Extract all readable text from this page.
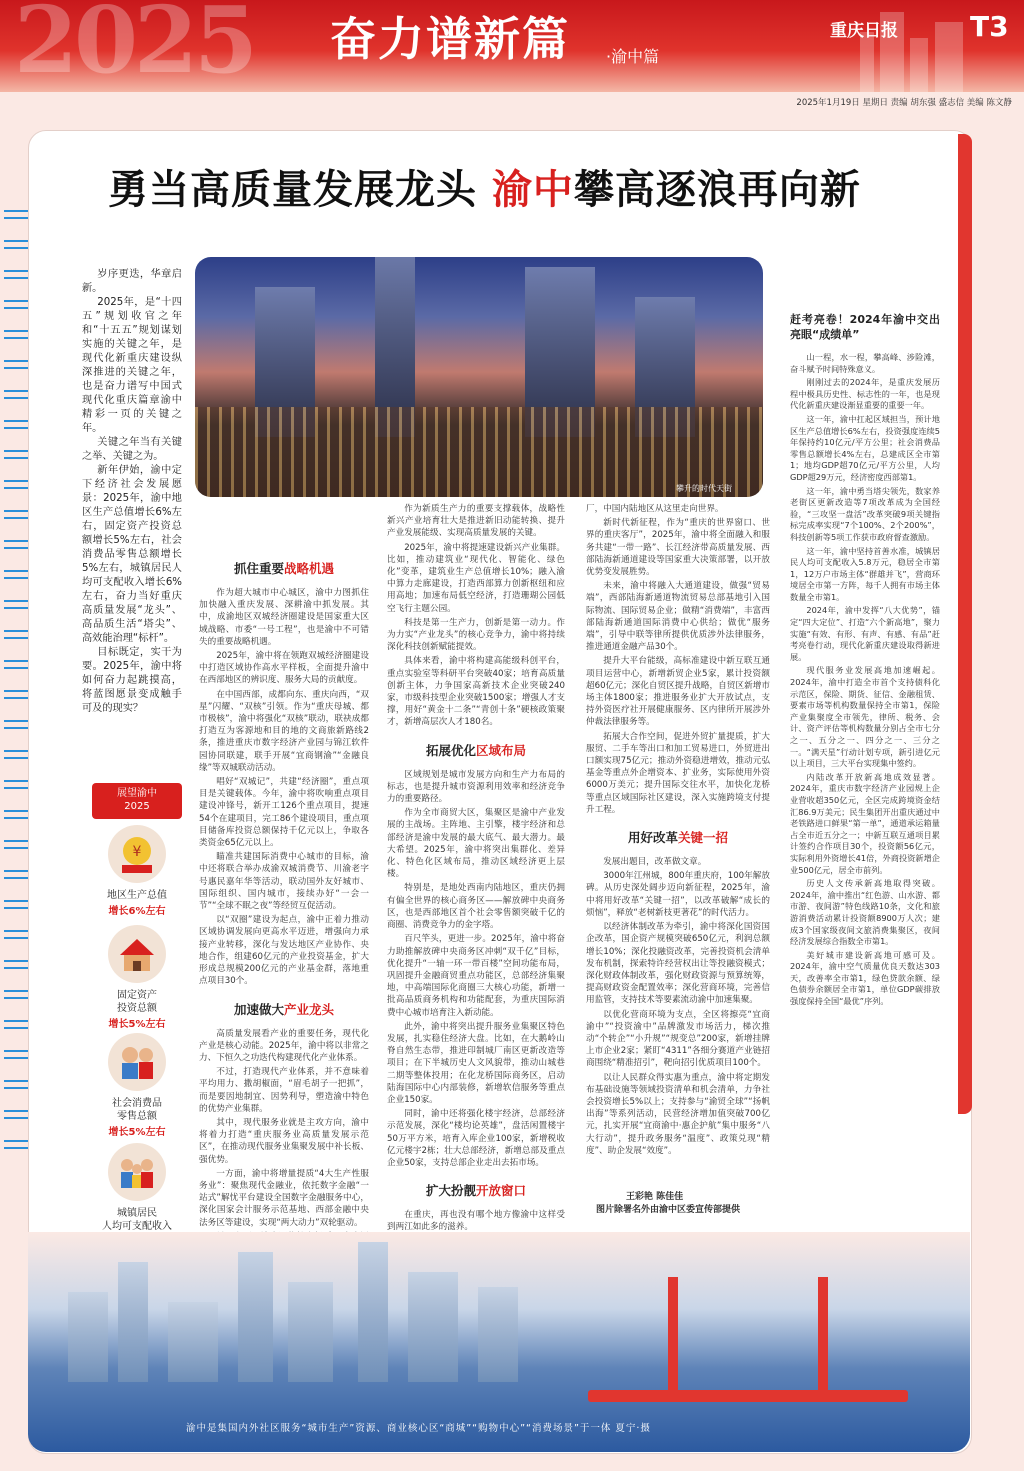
2025 奋力谱新篇 ·渝中篇
重庆日报	T3
2025年1月19日 星期日 责编 胡东强 盛志信 美编 陈文静
勇当高质量发展龙头 渝中攀高逐浪再向新
攀升的时代天街

岁序更迭，华章启新。

2025年，是“十四五”规划收官之年和“十五五”规划谋划实施的关键之年，是现代化新重庆建设纵深推进的关键之年，也是奋力谱写中国式现代化重庆篇章渝中精彩一页的关键之年。

关键之年当有关键之举、关键之为。

新年伊始，渝中定下经济社会发展愿景：2025年，渝中地区生产总值增长6%左右，固定资产投资总额增长5%左右，社会消费品零售总额增长5%左右，城镇居民人均可支配收入增长6%左右，奋力当好重庆高质量发展“龙头”、高品质生活“塔尖”、高效能治理“标杆”。

目标既定，实干为要。2025年，渝中将如何奋力起跳摸高，将蓝图愿景变成触手可及的现实？

展望渝中
2025
¥
地区生产总值
增长6%左右
固定资产
投资总额
增长5%左右
社会消费品
零售总额
增长5%左右
城镇居民
人均可支配收入
抓住重要战略机遇

作为超大城市中心城区，渝中力图抓住加快融入重庆发展、深耕渝中抓发展。其中，成渝地区双城经济圈建设是国家重大区域战略、市委“一号工程”，也是渝中不可错失的重要战略机遇。

2025年，渝中将在领跑双城经济圈建设中打造区域协作高水平样板，全面提升渝中在西部地区的辨识度、服务大局的贡献度。

在中国西部，成都向东、重庆向西，“双星”闪耀、“双核”引领。作为“重庆母城、都市极核”，渝中将强化“双核”联动，联袂成都打造互为客源地和目的地的文商旅新路线2条，推进重庆市数字经济产业园与锦江软件园协同联建，联手开展“宜商钢渝”“金融良缘”等双城联动活动。

唱好“双城记”，共建“经济圈”，重点项目是关键载体。今年，渝中将吹响重点项目建设冲锋号，新开工126个重点项目，提速54个在建项目，完工86个建设项目，重点项目储备库投资总额保持千亿元以上，争取各类资金65亿元以上。

瞄准共建国际消费中心城市的目标，渝中还将联合举办成渝双城消费节、川渝老字号惠民嘉年华等活动，联动国外友好城市、国际组织、国内城市，接续办好“一会一节”“全球不眠之夜”等经贸互促活动。

以“双圈”建设为起点，渝中正着力推动区域协调发展向更高水平迈进，增强向力承接产业转移，深化与发达地区产业协作、央地合作，组建60亿元的产业投资基金，扩大形成总规模200亿元的产业基金群，落地重点项目30个。

加速做大产业龙头

高质量发展看产业的重要任务，现代化产业是核心动能。2025年，渝中将以非常之力、下恒久之功迭代构建现代化产业体系。

不过，打造现代产业体系，并不意味着平均用力、撒胡椒面，“眉毛胡子一把抓”，而是要因地制宜、因势利导，塑造渝中特色的优势产业集群。

其中，现代服务业就是主攻方向，渝中将着力打造“重庆服务业高质量发展示范区”，在推动现代服务业集聚发展中补长板、强优势。

一方面，渝中将增量提质“4大生产性服务业”：聚焦现代金融业，依托数字金融“一站式”解忧平台建设全国数字金融服务中心，深化国家会计服务示范基地、西部金融中央法务区等建设，实现“两大动力”双轮驱动。

作为新质生产力的重要支撑载体，战略性新兴产业培育壮大是推进新旧动能转换、提升产业发展能级、实现高质量发展的关键。

2025年，渝中将提速建设新兴产业集群。比如，推动建筑业“现代化、智能化、绿色化”变革，建筑业生产总值增长10%；融入渝中算力走廊建设，打造西部算力创新枢纽和应用高地；加速布局低空经济，打造珊瑚公园低空飞行主题公园。

科技是第一生产力，创新是第一动力。作为力实“产业龙头”的核心竞争力，渝中将持续深化科技创新赋能提效。

具体来看，渝中将构建高能级科创平台，重点实验室等科研平台突破40家；培育高质量创新主体，力争国家高新技术企业突破240家，市级科技型企业突破1500家；增强人才支撑，用好“黄金十二条”“青创十条”硬核政策聚才，新增高层次人才180名。

拓展优化区域布局

区域规划是城市发展方向和生产力布局的标志，也是提升城市资源利用效率和经济竞争力的重要路径。

作为全市商贸大区，集聚区是渝中产业发展的主战场。主阵地、主引擎，楼宇经济和总部经济是渝中发展的最大底气、最大潜力。最大希望。2025年，渝中将突出集群化、差异化、特色化区域布局，推动区域经济更上层楼。

特别是，是地处西南内陆地区，重庆仍拥有偏全世界的核心商务区——解放碑中央商务区，也是西部地区首个社会零售额突破千亿的商圈、消费竞争力的金字塔。

百尺竿头，更进一步。2025年，渝中将奋力助推解放碑中央商务区冲刺“双千亿”目标，优化提升“一轴一环一带百楼”空间功能布局，巩固提升金融商贸重点功能区，总部经济集聚地，中高端国际化商圈三大核心功能，新增一批高品质商务机构和功能配套，为重庆国际消费中心城市培育注入新动能。

此外，渝中将突出提升服务业集聚区特色发展，扎实稳住经济大盘。比如，在大鹅岭山脊自然生态带，推进印制城厂南区更新改造等项目；在下半城历史人文风貌带，推动山城巷二期等整体投用；在化龙桥国际商务区，启动陆海国际中心内部装修，新增软信服务等重点企业150家。

同时，渝中还将强化楼宇经济，总部经济示范发展，深化“楼均论英雄”，盘活闲置楼宇50万平方米，培育入库企业100家，新增税收亿元楼宇2栋；壮大总部经济，新增总部及重点企业50家，支持总部企业走出去拓市场。

扩大扮靓开放窗口

在重庆，再也没有哪个地方像渝中这样受到两江如此多的滋养。

厂，中国内陆地区从这里走向世界。

新时代新征程，作为“重庆的世界窗口、世界的重庆客厅”，2025年，渝中将全面融入和服务共建“一带一路”、长江经济带高质量发展、西部陆海新通道建设等国家重大决策部署，以开放优势变发展胜势。

未来，渝中将融入大通道建设，做强“贸易端”，西部陆海新通道物流贸易总部基地引入国际物流、国际贸易企业；做精“消费端”，丰富西部陆海新通道国际消费中心供给；做优“服务端”，引导中联等律所提供优质涉外法律服务，推进通道金融产品30个。

提升大平台能级，高标准建设中新互联互通项目运营中心，新增新贸企业5家，累计投资额超60亿元；深化自贸区提升战略，自贸区新增市场主体1800家；推进服务业扩大开放试点，支持外资医疗社开展健康服务、区内律所开展涉外仲裁法律服务等。

拓展大合作空间，促进外贸扩量提质，扩大服贸、二手车等出口和加工贸易进口，外贸进出口额实现75亿元；推动外资稳进增效，推动元弘基金等重点外企增资本、扩业务，实际使用外资6000万美元；提升国际交往水平，加快化龙桥等重点区域国际社区建设，深入实施跨境支付提升工程。

用好改革关键一招

发展出题目，改革做文章。

3000年江州城，800年重庆府，100年解放碑。从历史深处阔步迈向新征程，2025年，渝中将用好改革“关键一招”，以改革破解“成长的烦恼”，释放“老树新枝更著花”的时代活力。

以经济体制改革为牵引，渝中将深化国资国企改革，国企资产规模突破650亿元，利润总额增长10%；深化投融资改革，完善投资机会清单发布机制，探索特许经营权出让等投融资模式；深化财政体制改革，强化财政资源与预算统筹，提高财政资金配置效率；深化营商环境，完善信用监管，支持技术等要素流动渝中加速集聚。

以优化营商环境为支点，全区将擦亮“宜商渝中”“投资渝中”品牌激发市场活力，梯次推动“个转企”“小升规”“规变总”200家，新增挂牌上市企业2家；紧盯“4311”各细分赛道产业链招商围绕“精准招引”，靶向招引优质项目100个。

以让人民群众得实惠为重点，渝中将定期发布基础设施等领域投资清单和机会清单，力争社会投资增长5%以上；支持参与“渝贸全球”“扬帆出海”等系列活动，民营经济增加值突破700亿元，扎实开展“宜商渝中·惠企护航”集中服务“八大行动”，提升政务服务“温度”、政策兑现“精度”、助企发展“效度”。

王彩艳 陈佳佳
图片除署名外由渝中区委宣传部提供
赶考亮卷！2024年渝中交出亮眼“成绩单”

山一程，水一程，攀高峰、涉险滩，奋斗赋予时间特殊意义。

刚刚过去的2024年，是重庆发展历程中极具历史性、标志性的一年，也是现代化新重庆建设渐显重要的重要一年。

这一年，渝中扛起区域担当，预计地区生产总值增长6%左右，投资强度连续5年保持约10亿元/平方公里；社会消费品零售总额增长4%左右，总建成区全市第1；地均GDP超70亿元/平方公里，人均GDP超29万元，经济密度西部第1。

这一年，渝中勇当塔尖领先，数家养老街区更新改造等7项改革成为全国经验，“三攻坚一盘活”改革突破9项关键指标完成率实现“7个100%、2个200%”，科技创新等5项工作获市政府督查激励。

这一年，渝中坚持首善水准，城镇居民人均可支配收入5.8万元，稳居全市第1，12万户市场主体“群雄并飞”，营商环境居全市第一方阵，每千人拥有市场主体数量全市第1。

2024年，渝中发挥“八大优势”，锚定“四大定位”、打造“六个新高地”，聚力实施“有效、有形、有声、有感、有品”赶考亮卷行动，现代化新重庆建设取得新进展。

现代服务业发展高地加速崛起。2024年，渝中打造全市首个支持债科化示范区，保险、期货、征信、金融租赁、要素市场等机构数量保持全市第1，保险产业集聚度全市领先，律所、税务、会计、资产评估等机构数量分别占全市七分之一、五分之一、四分之一、三分之一。“满天星”行动计划专项，新引进亿元以上项目，三大平台实现集中签约。

内陆改革开放新高地成效显著。2024年，重庆市数字经济产业园规上企业营收超350亿元，全区完成跨境资金结汇86.9万美元；民生集团开出重庆通过中老铁路进口鲜果“第一单”，通道承运箱量占全市近五分之一；中新互联互通项目累计签约合作项目30个，投资额56亿元，实际利用外资增长41倍，外商投资新增企业500亿元，居全市前列。

历史人文传承新高地取得突破。2024年，渝中推出“红色游、山水游、都市游、夜间游”特色线路10条，文化和旅游消费活动累计投资额8900万人次；建成3个国家级夜间文旅消费集聚区，夜间经济发展综合指数全市第1。

美好城市建设新高地可感可及。2024年，渝中空气质量优良天数达303天，改善率全市第1，绿色贷款余额、绿色债券余额居全市第1，单位GDP碳排放强度保持全国“最优”序列。

渝中是集国内外社区服务“城市生产”资源、商业核心区“商城”“购物中心”“消费场景”于一体 夏宁·摄
